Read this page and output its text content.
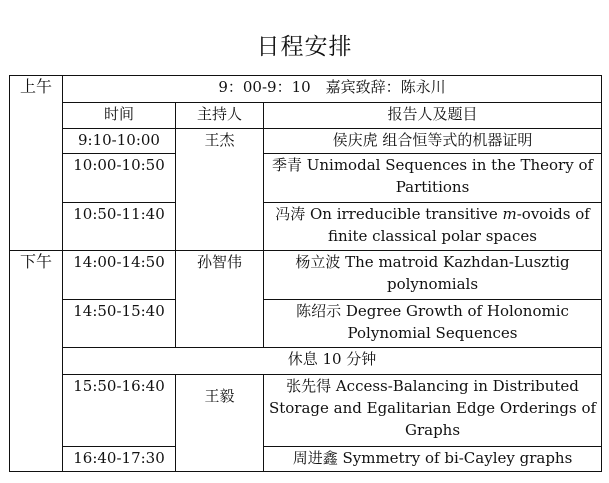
日程安排
上午	9：00-9：10　嘉宾致辞：陈永川		
	时间	主持人	报告人及题目
	9:10-10:00	王杰	侯庆虎 组合恒等式的机器证明
	10:00-10:50		季青 Unimodal Sequences in the Theory of Partitions
	10:50-11:40		冯涛 On irreducible transitive m-ovoids of finite classical polar spaces
下午	14:00-14:50	孙智伟	杨立波 The matroid Kazhdan-Lusztig polynomials
	14:50-15:40		陈绍示 Degree Growth of Holonomic Polynomial Sequences
	休息 10 分钟		
	15:50-16:40	王毅	张先得 Access-Balancing in Distributed Storage and Egalitarian Edge Orderings of Graphs
	16:40-17:30		周进鑫 Symmetry of bi-Cayley graphs
